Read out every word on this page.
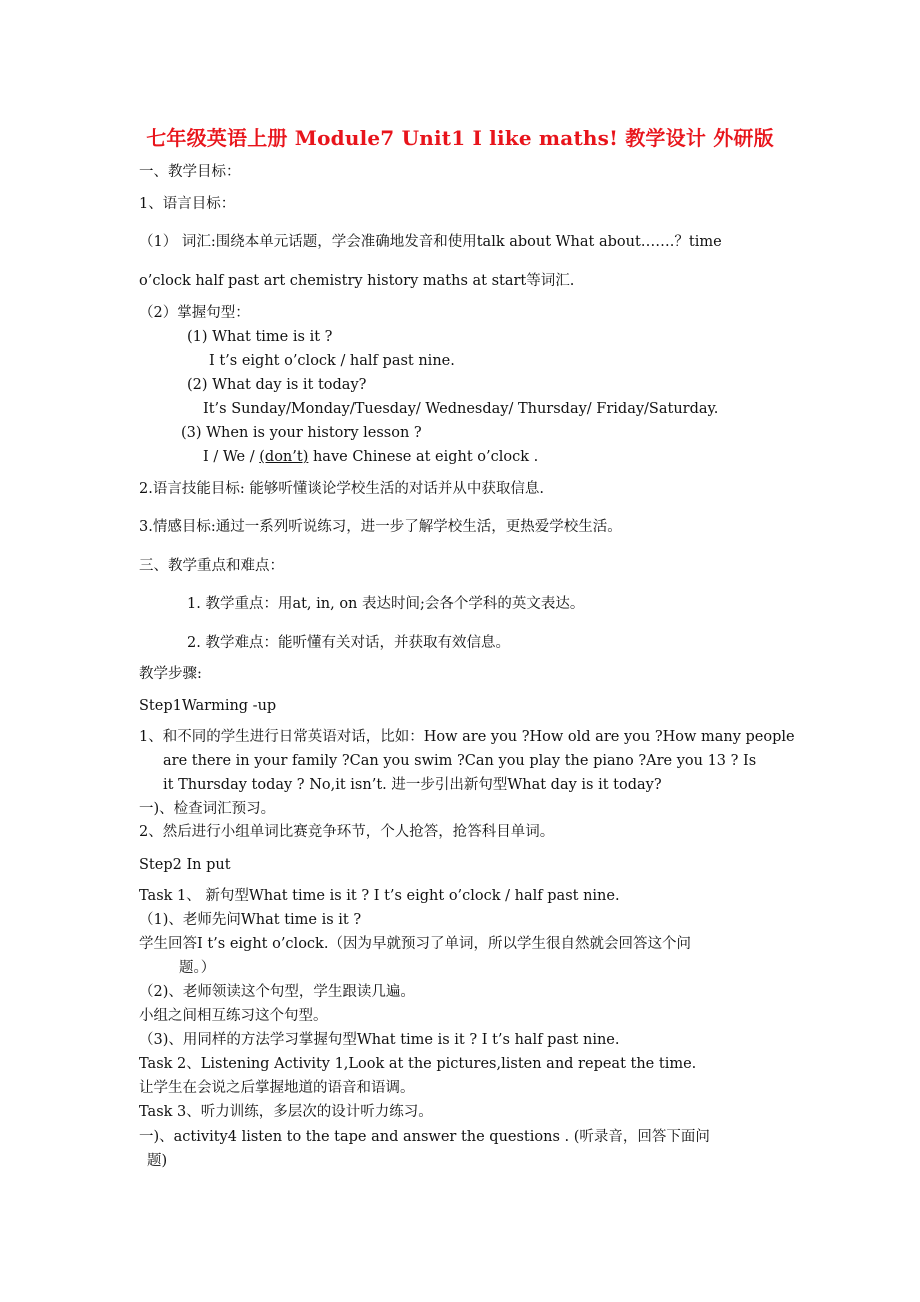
七年级英语上册 Module7 Unit1 I like maths! 教学设计 外研版
一、教学目标：
1、语言目标：
（1） 词汇:围绕本单元话题，学会准确地发音和使用talk about What about…….？time
o’clock half past art chemistry history maths at start等词汇.
（2）掌握句型：
(1) What time is it ?
I t’s eight o’clock / half past nine.
(2) What day is it today?
It’s Sunday/Monday/Tuesday/ Wednesday/ Thursday/ Friday/Saturday.
(3) When is your history lesson ?
I / We / (don’t) have Chinese at eight o’clock .
2.语言技能目标: 能够听懂谈论学校生活的对话并从中获取信息.
3.情感目标:通过一系列听说练习，进一步了解学校生活，更热爱学校生活。
三、教学重点和难点：
1. 教学重点：用at, in, on 表达时间;会各个学科的英文表达。
2. 教学难点：能听懂有关对话，并获取有效信息。
教学步骤:
Step1Warming -up
1、和不同的学生进行日常英语对话，比如：How are you ?How old are you ?How many people
are there in your family ?Can you swim ?Can you play the piano ?Are you 13 ? Is
it Thursday today ? No,it isn’t. 进一步引出新句型What day is it today?
一)、检查词汇预习。
2、然后进行小组单词比赛竞争环节，个人抢答，抢答科目单词。
Step2 In put
Task 1、 新句型What time is it ? I t’s eight o’clock / half past nine.
（1)、老师先问What time is it ?
学生回答I t’s eight o’clock.（因为早就预习了单词，所以学生很自然就会回答这个问
题。）
（2)、老师领读这个句型，学生跟读几遍。
小组之间相互练习这个句型。
（3)、用同样的方法学习掌握句型What time is it ? I t’s half past nine.
Task 2、Listening Activity 1,Look at the pictures,listen and repeat the time.
让学生在会说之后掌握地道的语音和语调。
Task 3、听力训练，多层次的设计听力练习。
一)、activity4 listen to the tape and answer the questions . (听录音，回答下面问
题)
